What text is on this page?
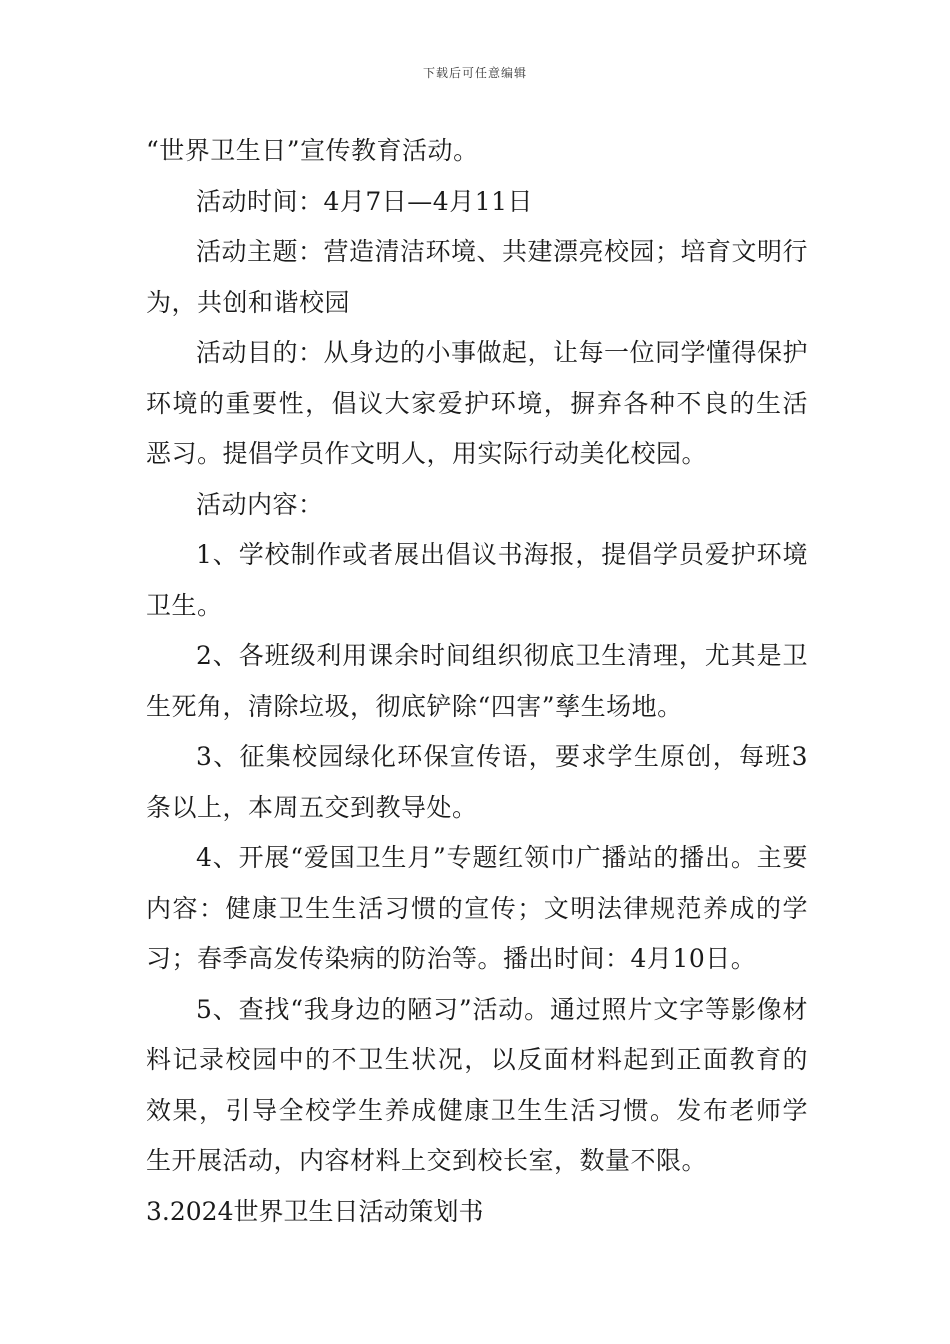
下载后可任意编辑

“世界卫生日”宣传教育活动。

活动时间：4月7日—4月11日

活动主题：营造清洁环境、共建漂亮校园；培育文明行为，共创和谐校园

活动目的：从身边的小事做起，让每一位同学懂得保护环境的重要性，倡议大家爱护环境，摒弃各种不良的生活恶习。提倡学员作文明人，用实际行动美化校园。

活动内容：

1、学校制作或者展出倡议书海报，提倡学员爱护环境卫生。

2、各班级利用课余时间组织彻底卫生清理，尤其是卫生死角，清除垃圾，彻底铲除“四害”孳生场地。

3、征集校园绿化环保宣传语，要求学生原创，每班3条以上，本周五交到教导处。

4、开展“爱国卫生月”专题红领巾广播站的播出。主要内容：健康卫生生活习惯的宣传；文明法律规范养成的学习；春季高发传染病的防治等。播出时间：4月10日。

5、查找“我身边的陋习”活动。通过照片文字等影像材料记录校园中的不卫生状况，以反面材料起到正面教育的效果，引导全校学生养成健康卫生生活习惯。发布老师学生开展活动，内容材料上交到校长室，数量不限。

3.2024世界卫生日活动策划书
